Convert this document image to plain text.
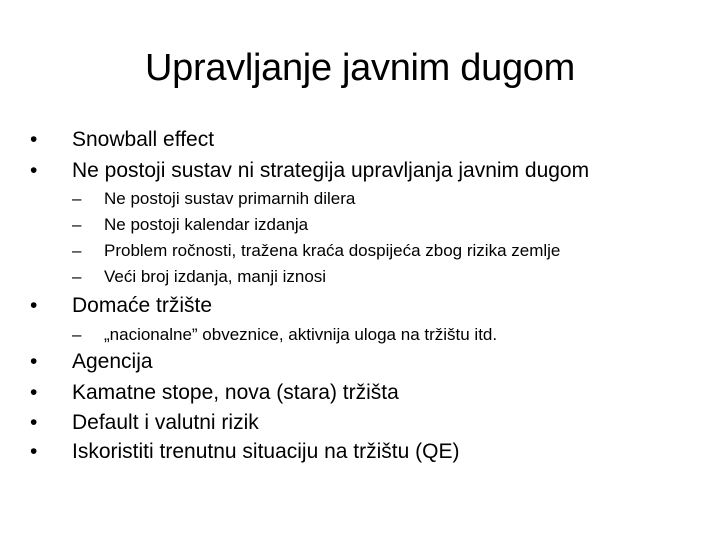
Upravljanje javnim dugom
•	Snowball effect
•	Ne postoji sustav ni strategija upravljanja javnim dugom
–	Ne postoji sustav primarnih dilera
–	Ne postoji kalendar izdanja
–	Problem ročnosti, tražena kraća dospijeća zbog rizika zemlje
–	Veći broj izdanja, manji iznosi
•	Domaće tržište
–	„nacionalne” obveznice, aktivnija uloga na tržištu itd.
•	Agencija
•	Kamatne stope, nova (stara) tržišta
•	Default i valutni rizik
•	Iskoristiti trenutnu situaciju na tržištu (QE)
